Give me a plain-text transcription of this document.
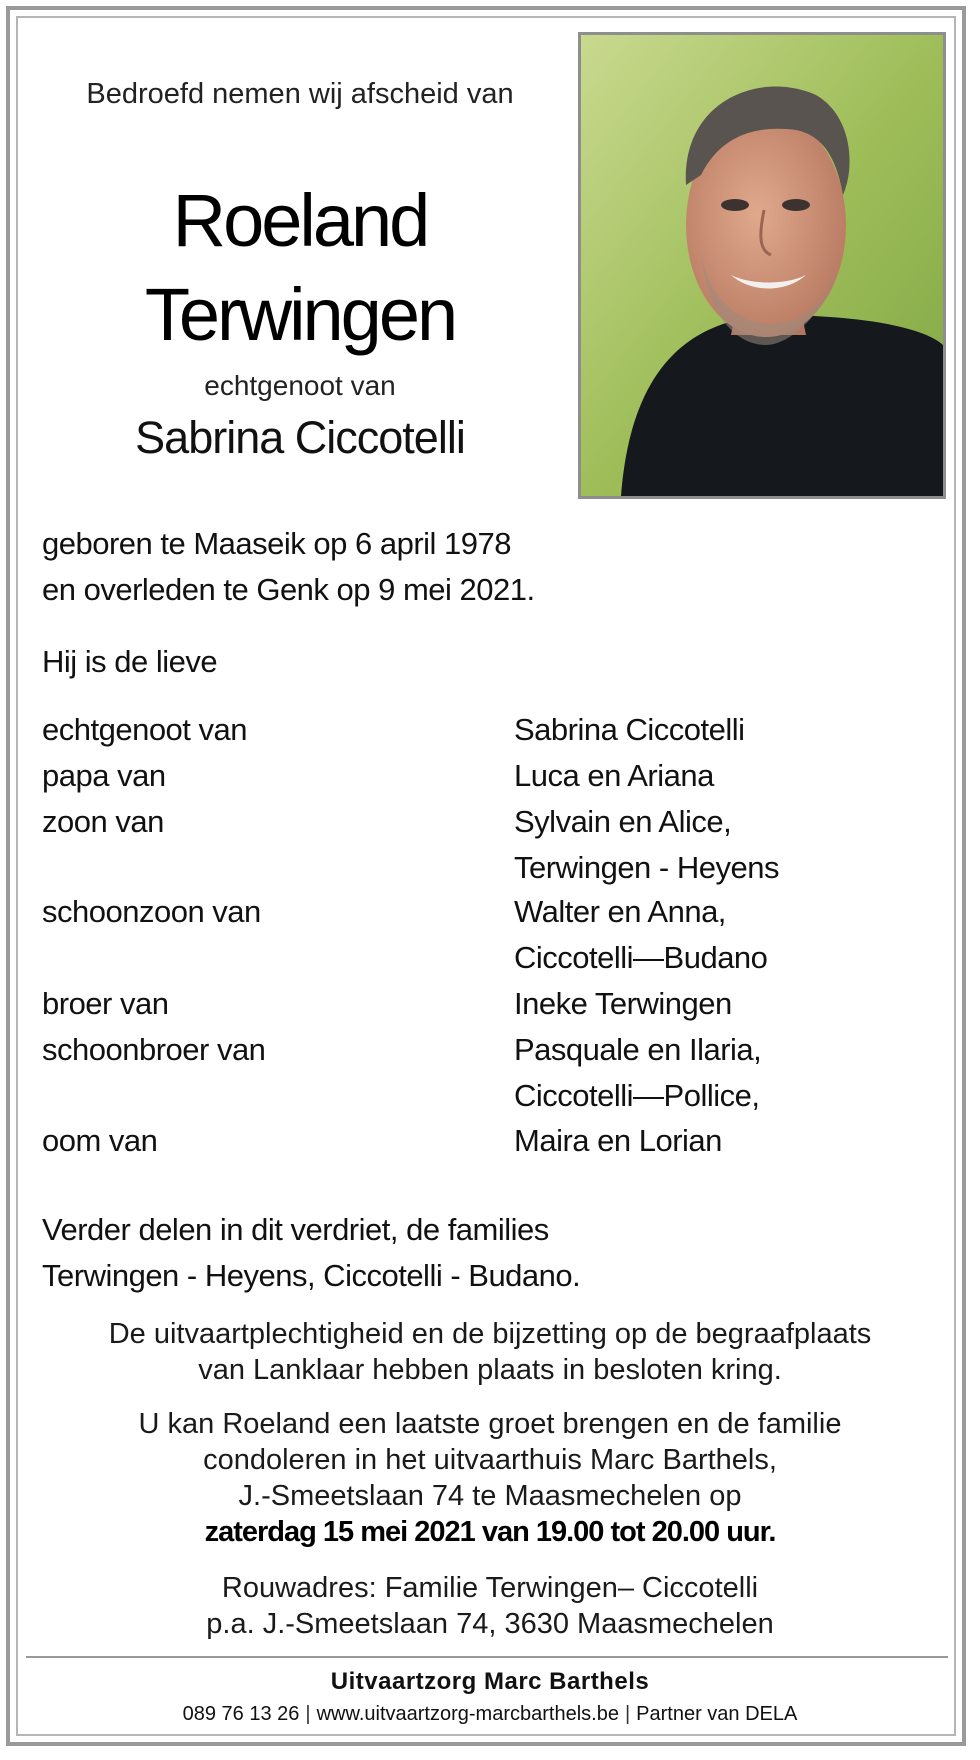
Bedroefd nemen wij afscheid van
Roeland
Terwingen
echtgenoot van
Sabrina Ciccotelli
geboren te Maaseik op 6 april 1978
en overleden te Genk op 9 mei 2021.
Hij is de lieve
echtgenoot van	Sabrina Ciccotelli
papa van	Luca en Ariana
zoon van	Sylvain en Alice,
Terwingen - Heyens
schoonzoon van	Walter en Anna,
Ciccotelli—Budano
broer van	Ineke Terwingen
schoonbroer van	Pasquale en Ilaria,
Ciccotelli—Pollice,
oom van	Maira en Lorian
Verder delen in dit verdriet, de families
Terwingen - Heyens, Ciccotelli - Budano.
De uitvaartplechtigheid en de bijzetting op de begraafplaats
van Lanklaar hebben plaats in besloten kring.
U kan Roeland een laatste groet brengen en de familie
condoleren in het uitvaarthuis Marc Barthels,
J.-Smeetslaan 74 te Maasmechelen op
zaterdag 15 mei 2021 van 19.00 tot 20.00 uur.
Rouwadres: Familie Terwingen– Ciccotelli
p.a. J.-Smeetslaan 74, 3630 Maasmechelen
Uitvaartzorg Marc Barthels
089 76 13 26 | www.uitvaartzorg-marcbarthels.be | Partner van DELA
